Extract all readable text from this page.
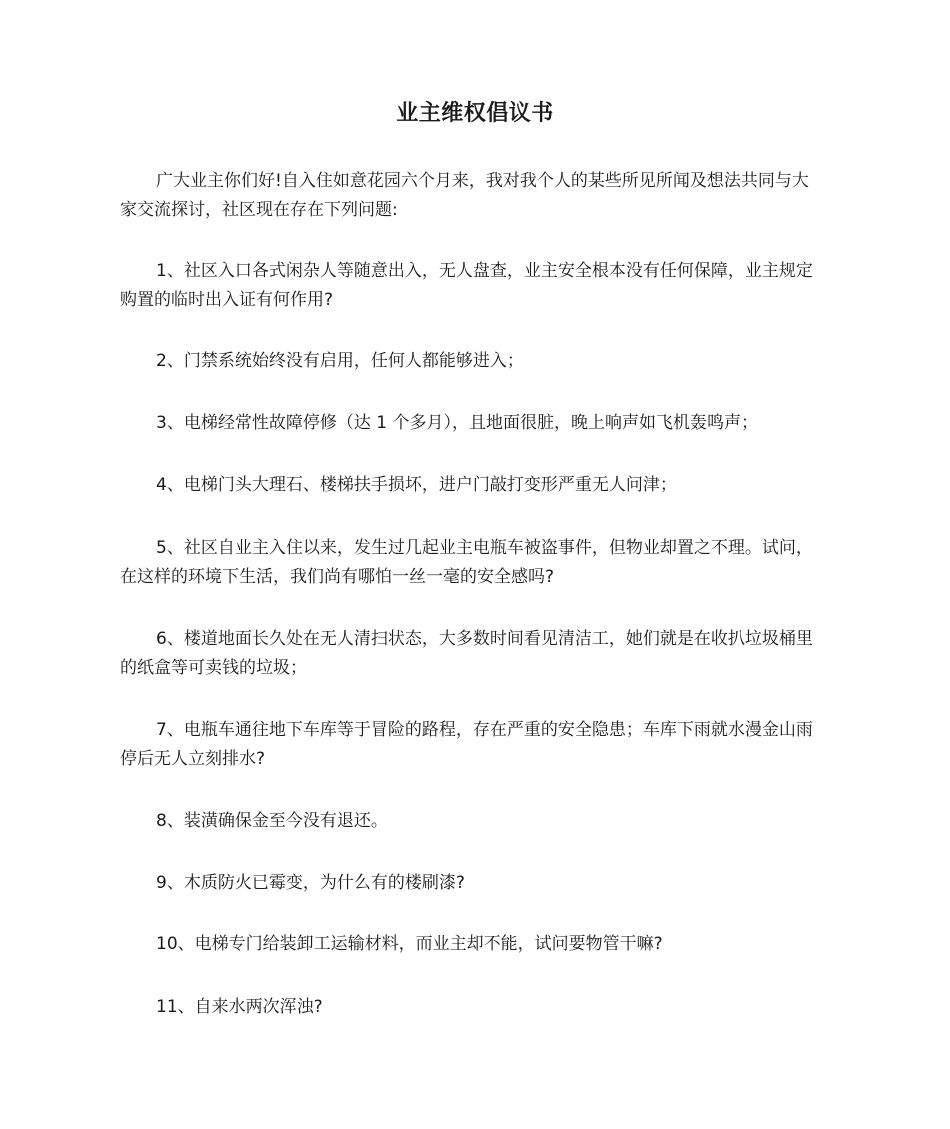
业主维权倡议书

广大业主你们好!自入住如意花园六个月来，我对我个人的某些所见所闻及想法共同与大家交流探讨，社区现在存在下列问题:

1、社区入口各式闲杂人等随意出入，无人盘查，业主安全根本没有任何保障，业主规定购置的临时出入证有何作用?

2、门禁系统始终没有启用，任何人都能够进入；

3、电梯经常性故障停修（达 1 个多月），且地面很脏，晚上响声如飞机轰鸣声；

4、电梯门头大理石、楼梯扶手损坏，进户门敲打变形严重无人问津；

5、社区自业主入住以来，发生过几起业主电瓶车被盗事件，但物业却置之不理。试问，在这样的环境下生活，我们尚有哪怕一丝一毫的安全感吗?

6、楼道地面长久处在无人清扫状态，大多数时间看见清洁工，她们就是在收扒垃圾桶里的纸盒等可卖钱的垃圾；

7、电瓶车通往地下车库等于冒险的路程，存在严重的安全隐患；车库下雨就水漫金山雨停后无人立刻排水?

8、装潢确保金至今没有退还。

9、木质防火已霉变，为什么有的楼刷漆?

10、电梯专门给装卸工运输材料，而业主却不能，试问要物管干嘛?

11、自来水两次浑浊?
